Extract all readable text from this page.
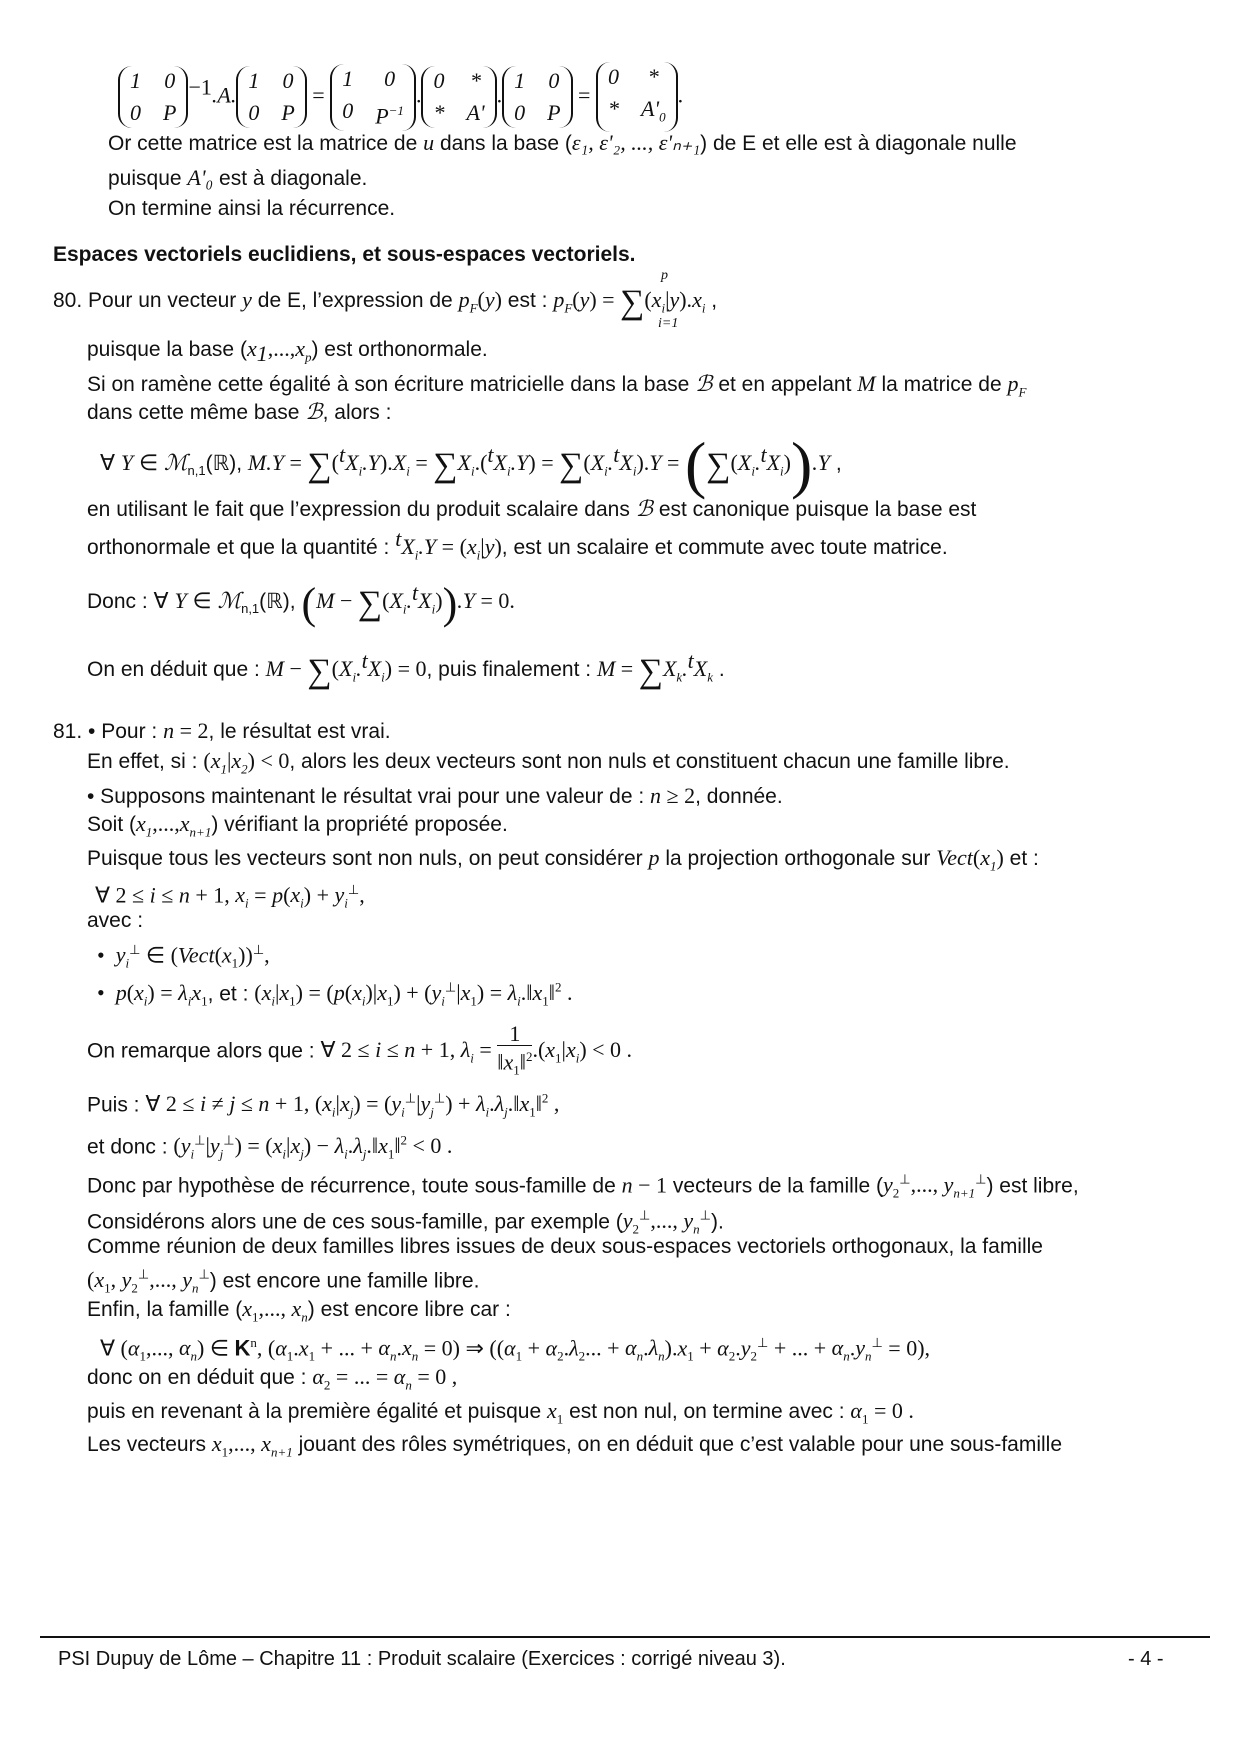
1 0
0 P
$^{-1}$.A.
1 0
0 P
=
1	0
0 $P^{-1}$
.
0 *
* A'
.
1 0
0 P
=
0	*
* $A'_0$
.
Or cette matrice est la matrice de u dans la base (ε₁, ε'₂, ..., ε'ₙ₊₁) de E et elle est à diagonale nulle
puisque A'₀ est à diagonale.
On termine ainsi la récurrence.
Espaces vectoriels euclidiens, et sous-espaces vectoriels.
80. Pour un vecteur y de E, l’expression de $p_F(y)$ est : $p_F(y) = \sum(x_i|y).x_i$ ,
p
i=1
puisque la base $(x_1,...,x_p)$ est orthonormale.
Si on ramène cette égalité à son écriture matricielle dans la base ℬ et en appelant M la matrice de $p_F$
dans cette même base ℬ, alors :
∀ Y ∈ ℳ$_{n,1}$(ℝ), $M.Y = \sum(^tX_i.Y).X_i = \sum X_i.(^tX_i.Y) = \sum(X_i.^tX_i).Y = (\sum(X_i.^tX_i)).Y$ ,
en utilisant le fait que l’expression du produit scalaire dans ℬ est canonique puisque la base est
orthonormale et que la quantité : $^tX_i.Y = (x_i|y)$, est un scalaire et commute avec toute matrice.
Donc : ∀ Y ∈ ℳ$_{n,1}$(ℝ), $(M - \sum(X_i.^tX_i)).Y = 0$.
On en déduit que : $M - \sum(X_i.^tX_i) = 0$, puis finalement : $M = \sum X_k.^tX_k$ .
81. • Pour : n = 2, le résultat est vrai.
En effet, si : $(x_1|x_2) < 0$, alors les deux vecteurs sont non nuls et constituent chacun une famille libre.
• Supposons maintenant le résultat vrai pour une valeur de : n ≥ 2, donnée.
Soit $(x_1,...,x_{n+1})$ vérifiant la propriété proposée.
Puisque tous les vecteurs sont non nuls, on peut considérer p la projection orthogonale sur $Vect(x_1)$ et :
∀ 2 ≤ i ≤ n + 1, $x_i = p(x_i) + y_i^\perp$,
avec :
•  $y_i^\perp$ ∈ $(Vect(x_1))^\perp$,
•  $p(x_i) = \lambda_ix_1$, et : $(x_i|x_1) = (p(x_i)|x_1) + (y_i^\perp|x_1)$ = $\lambda_i.‖x_1‖^2$ .
On remarque alors que : ∀ 2 ≤ i ≤ n + 1, $\lambda_i = \frac{1}{‖x_1‖^2} .(x_1|x_i) < 0$ .
Puis : ∀ 2 ≤ i ≠ j ≤ n + 1, $(x_i|x_j) = (y_i^\perp|y_j^\perp)$ + $\lambda_i.\lambda_j.‖x_1‖^2$ ,
et donc : $(y_i^\perp|y_j^\perp) = (x_i|x_j)$ − $\lambda_i.\lambda_j.‖x_1‖^2 < 0$ .
Donc par hypothèse de récurrence, toute sous-famille de n − 1 vecteurs de la famille ($y_2^\perp$,..., $y_{n+1}^\perp$) est libre,
Considérons alors une de ces sous-famille, par exemple ($y_2^\perp$,..., $y_n^\perp$).
Comme réunion de deux familles libres issues de deux sous-espaces vectoriels orthogonaux, la famille
($x_1$, $y_2^\perp$,..., $y_n^\perp$) est encore une famille libre.
Enfin, la famille ($x_1$,..., $x_n$) est encore libre car :
∀ ($\alpha_1$,..., $\alpha_n$) ∈ $K^n$, ($\alpha_1.x_1$ + ... + $\alpha_n.x_n = 0$) ⇒ (($\alpha_1 + \alpha_2.\lambda_2$... + $\alpha_n.\lambda_n).x_1 + \alpha_2.y_2^\perp$ + ... + $\alpha_n.y_n^\perp = 0$),
donc on en déduit que : $\alpha_2$ = ... = $\alpha_n = 0$ ,
puis en revenant à la première égalité et puisque $x_1$ est non nul, on termine avec : $\alpha_1 = 0$ .
Les vecteurs $x_1$,..., $x_{n+1}$ jouant des rôles symétriques, on en déduit que c’est valable pour une sous-famille
PSI Dupuy de Lôme – Chapitre 11 : Produit scalaire (Exercices : corrigé niveau 3).	- 4 -
